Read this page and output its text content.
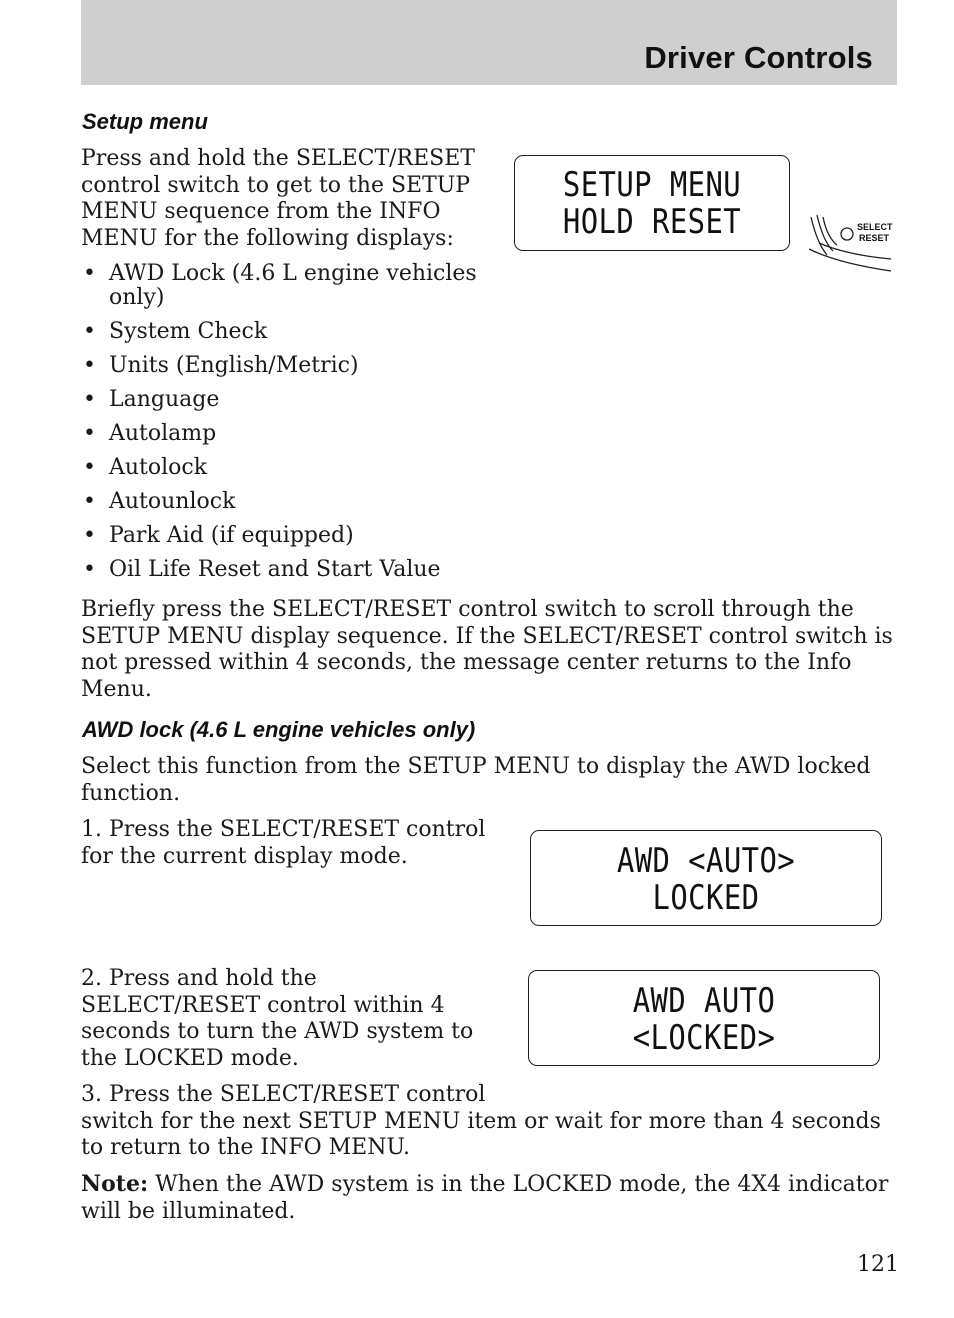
Driver Controls
Setup menu

Press and hold the SELECT/RESET control switch to get to the SETUP MENU sequence from the INFO MENU for the following displays:

• AWD Lock (4.6 L engine vehicles only)
• System Check
• Units (English/Metric)
• Language
• Autolamp
• Autolock
• Autounlock
• Park Aid (if equipped)
• Oil Life Reset and Start Value
SETUP MENU
HOLD RESET	SELECT
RESET

Briefly press the SELECT/RESET control switch to scroll through the SETUP MENU display sequence. If the SELECT/RESET control switch is not pressed within 4 seconds, the message center returns to the Info Menu.

AWD lock (4.6 L engine vehicles only)

Select this function from the SETUP MENU to display the AWD locked function.

1. Press the SELECT/RESET control for the current display mode.	AWD <AUTO>
LOCKED

2. Press and hold the SELECT/RESET control within 4 seconds to turn the AWD system to the LOCKED mode.

AWD AUTO
<LOCKED>

3. Press the SELECT/RESET control
switch for the next SETUP MENU item or wait for more than 4 seconds to return to the INFO MENU.

Note: When the AWD system is in the LOCKED mode, the 4X4 indicator will be illuminated.

121
